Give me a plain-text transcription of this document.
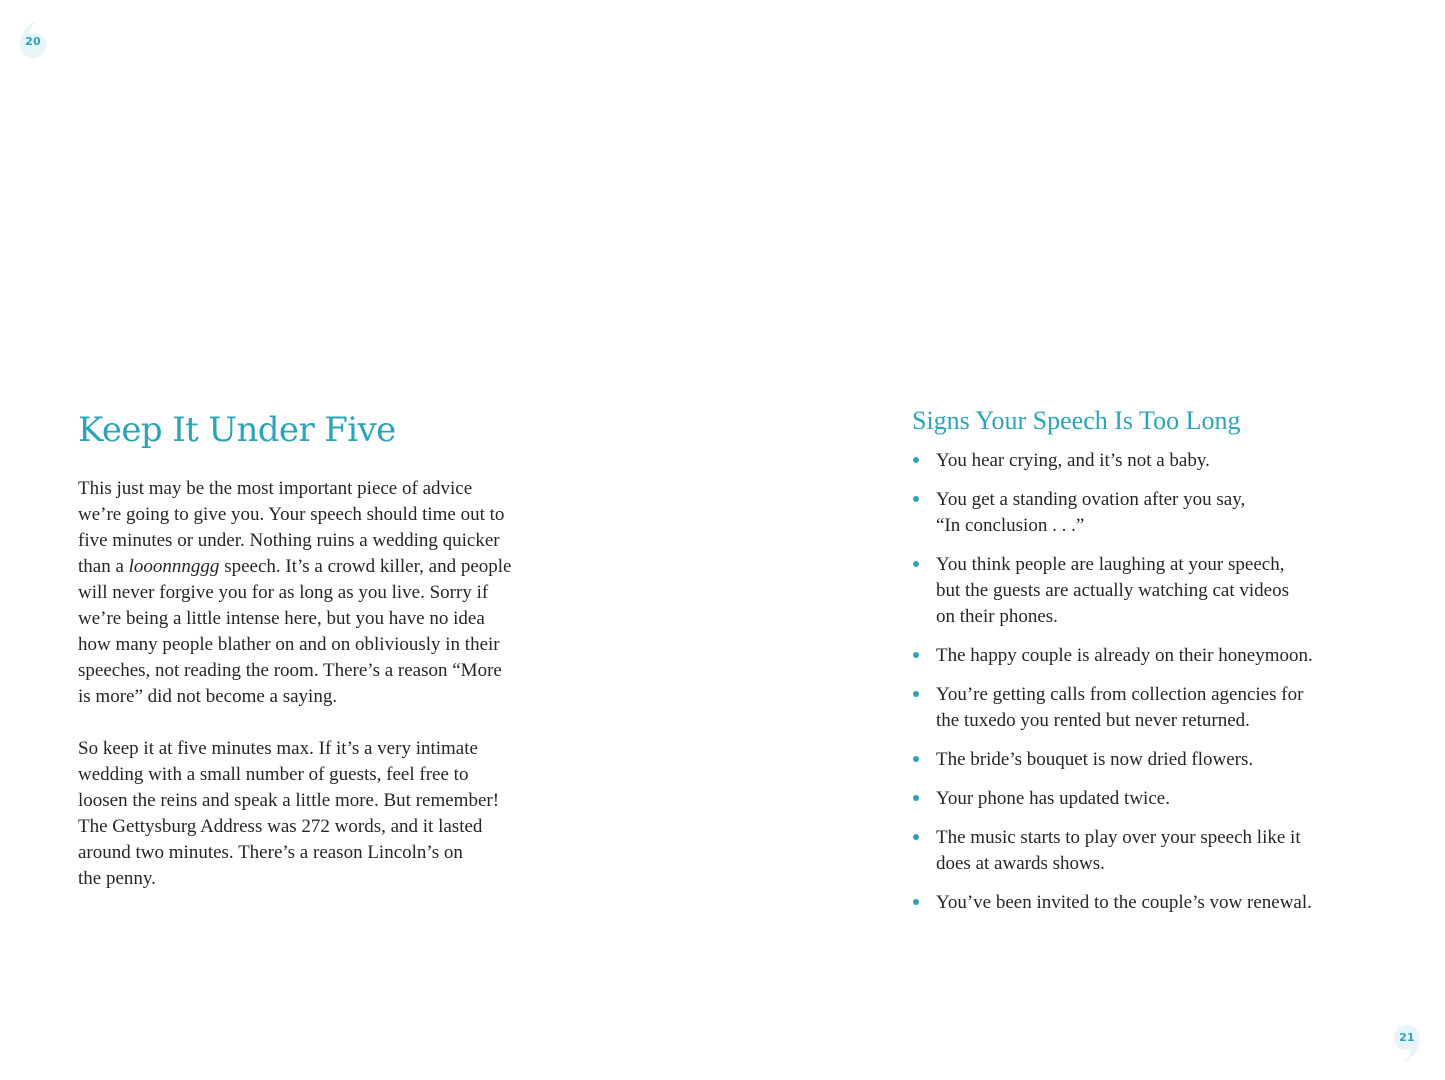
20
Keep It Under Five

This just may be the most important piece of advice
we’re going to give you. Your speech should time out to
five minutes or under. Nothing ruins a wedding quicker
than a looonnnggg speech. It’s a crowd killer, and people
will never forgive you for as long as you live. Sorry if
we’re being a little intense here, but you have no idea
how many people blather on and on obliviously in their
speeches, not reading the room. There’s a reason “More
is more” did not become a saying.

So keep it at five minutes max. If it’s a very intimate
wedding with a small number of guests, feel free to
loosen the reins and speak a little more. But remember!
The Gettysburg Address was 272 words, and it lasted
around two minutes. There’s a reason Lincoln’s on
the penny.

Signs Your Speech Is Too Long
You hear crying, and it’s not a baby.
You get a standing ovation after you say,
“In conclusion . . .”
You think people are laughing at your speech,
but the guests are actually watching cat videos
on their phones.
The happy couple is already on their honeymoon.
You’re getting calls from collection agencies for
the tuxedo you rented but never returned.
The bride’s bouquet is now dried flowers.
Your phone has updated twice.
The music starts to play over your speech like it
does at awards shows.
You’ve been invited to the couple’s vow renewal.
21
